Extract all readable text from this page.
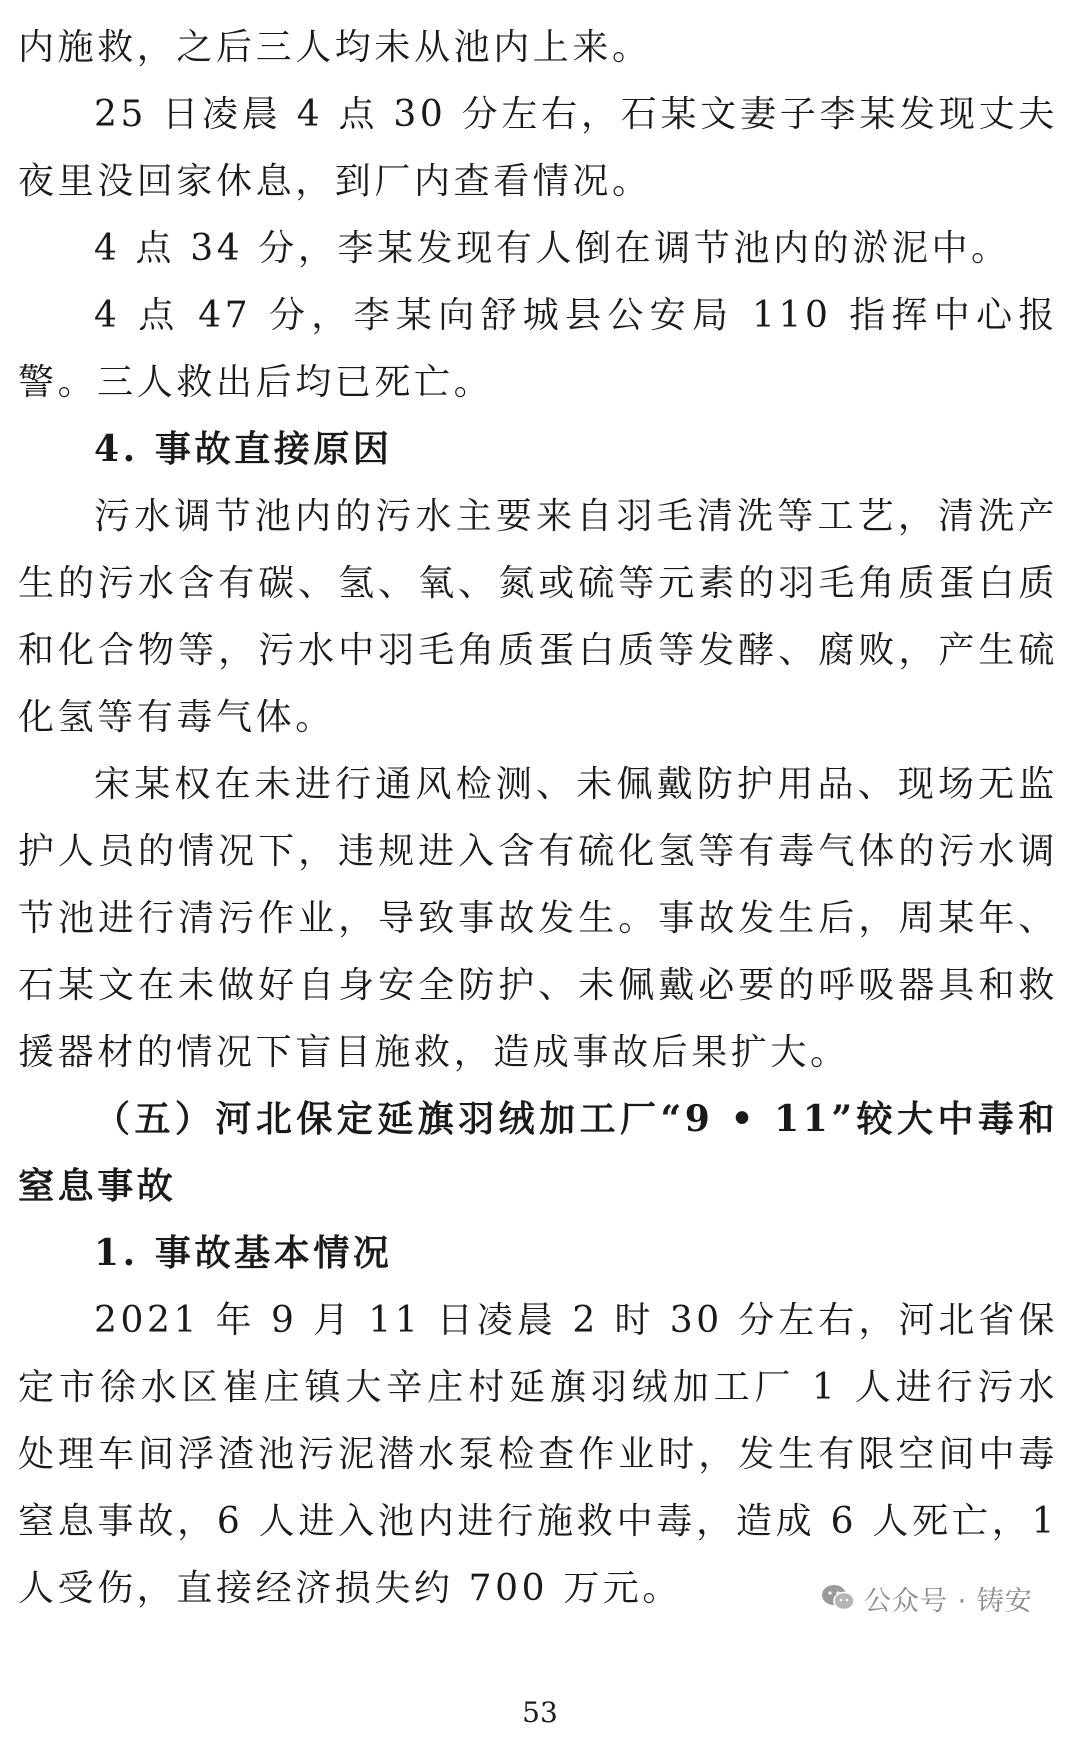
内施救，之后三人均未从池内上来。

25 日凌晨 4 点 30 分左右，石某文妻子李某发现丈夫夜里没回家休息，到厂内查看情况。

4 点 34 分，李某发现有人倒在调节池内的淤泥中。

4 点 47 分，李某向舒城县公安局 110 指挥中心报警。三人救出后均已死亡。

4. 事故直接原因

污水调节池内的污水主要来自羽毛清洗等工艺，清洗产生的污水含有碳、氢、氧、氮或硫等元素的羽毛角质蛋白质和化合物等，污水中羽毛角质蛋白质等发酵、腐败，产生硫化氢等有毒气体。

宋某权在未进行通风检测、未佩戴防护用品、现场无监护人员的情况下，违规进入含有硫化氢等有毒气体的污水调节池进行清污作业，导致事故发生。事故发生后，周某年、石某文在未做好自身安全防护、未佩戴必要的呼吸器具和救援器材的情况下盲目施救，造成事故后果扩大。

（五）河北保定延旗羽绒加工厂“9 • 11”较大中毒和窒息事故

1. 事故基本情况

2021 年 9 月 11 日凌晨 2 时 30 分左右，河北省保定市徐水区崔庄镇大辛庄村延旗羽绒加工厂 1 人进行污水处理车间浮渣池污泥潜水泵检查作业时，发生有限空间中毒窒息事故，6 人进入池内进行施救中毒，造成 6 人死亡，1 人受伤，直接经济损失约 700 万元。	公众号 · 铸安
53
